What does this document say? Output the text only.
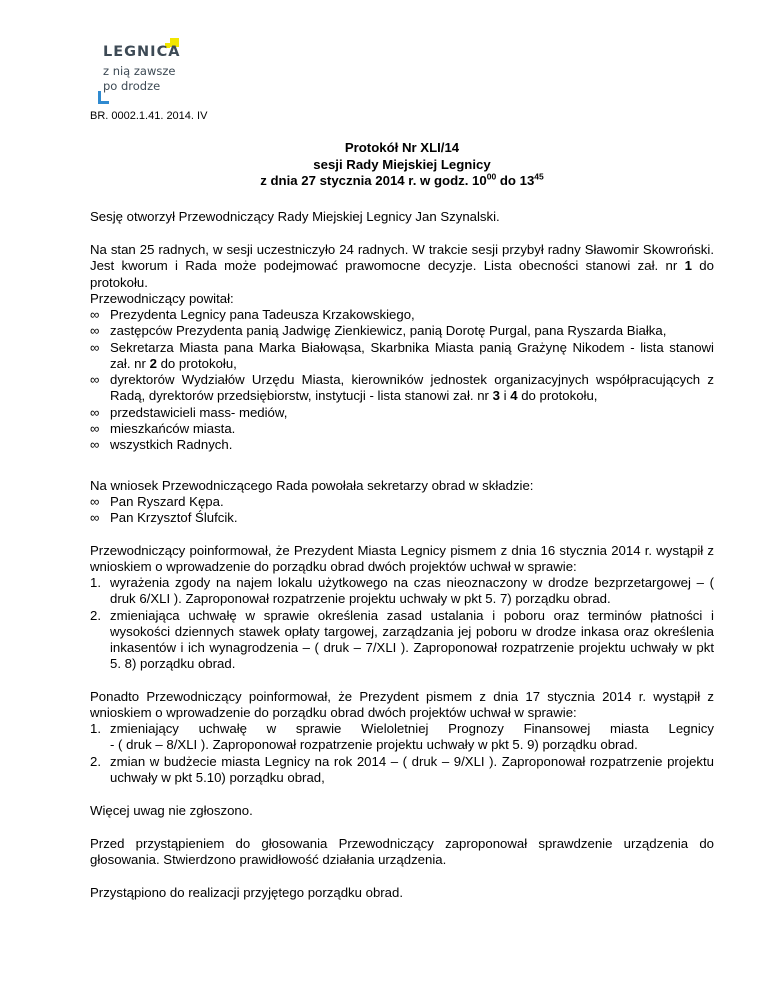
LEGNICA
z nią zawsze
po drodze
BR. 0002.1.41. 2014. IV
Protokół Nr XLI/14
sesji Rady Miejskiej Legnicy
z dnia 27 stycznia 2014 r. w godz. $10^{00}$ do $13^{45}$
Sesję otworzył Przewodniczący Rady Miejskiej Legnicy Jan Szynalski.
Na stan 25 radnych, w sesji uczestniczyło 24 radnych. W trakcie sesji przybył radny Sławomir Skowroński. Jest kworum i Rada może podejmować prawomocne decyzje. Lista obecności stanowi zał. nr 1 do protokołu.
Przewodniczący powitał:
∞ Prezydenta Legnicy pana Tadeusza Krzakowskiego,
∞ zastępców Prezydenta panią Jadwigę Zienkiewicz, panią Dorotę Purgal, pana Ryszarda Białka,
∞ Sekretarza Miasta pana Marka Białowąsa, Skarbnika Miasta panią Grażynę Nikodem - lista stanowi zał. nr 2 do protokołu,
∞ dyrektorów Wydziałów Urzędu Miasta, kierowników jednostek organizacyjnych współpracujących z Radą, dyrektorów przedsiębiorstw, instytucji - lista stanowi zał. nr 3 i 4 do protokołu,
∞ przedstawicieli mass- mediów,
∞ mieszkańców miasta.
∞ wszystkich Radnych.
Na wniosek Przewodniczącego Rada powołała sekretarzy obrad w składzie:
∞ Pan Ryszard Kępa.
∞ Pan Krzysztof Ślufcik.
Przewodniczący poinformował, że Prezydent Miasta Legnicy pismem z dnia 16 stycznia 2014 r. wystąpił z wnioskiem o wprowadzenie do porządku obrad dwóch projektów uchwał w sprawie:
1. wyrażenia zgody na najem lokalu użytkowego na czas nieoznaczony w drodze bezprzetargowej – ( druk 6/XLI ). Zaproponował rozpatrzenie projektu uchwały w pkt 5. 7) porządku obrad.
2. zmieniająca uchwałę w sprawie określenia zasad ustalania i poboru oraz terminów płatności i wysokości dziennych stawek opłaty targowej, zarządzania jej poboru w drodze inkasa oraz określenia inkasentów i ich wynagrodzenia – ( druk – 7/XLI ). Zaproponował rozpatrzenie projektu uchwały w pkt 5. 8) porządku obrad.
Ponadto Przewodniczący poinformował, że Prezydent pismem z dnia 17 stycznia 2014 r. wystąpił z wnioskiem o wprowadzenie do porządku obrad dwóch projektów uchwał w sprawie:
1. zmieniający uchwałę w sprawie Wieloletniej Prognozy Finansowej miasta Legnicy
- ( druk – 8/XLI ). Zaproponował rozpatrzenie projektu uchwały w pkt 5. 9) porządku obrad.
2. zmian w budżecie miasta Legnicy na rok 2014 – ( druk – 9/XLI ). Zaproponował rozpatrzenie projektu uchwały w pkt 5.10) porządku obrad,
Więcej uwag nie zgłoszono.
Przed przystąpieniem do głosowania Przewodniczący zaproponował sprawdzenie urządzenia do głosowania. Stwierdzono prawidłowość działania urządzenia.
Przystąpiono do realizacji przyjętego porządku obrad.
